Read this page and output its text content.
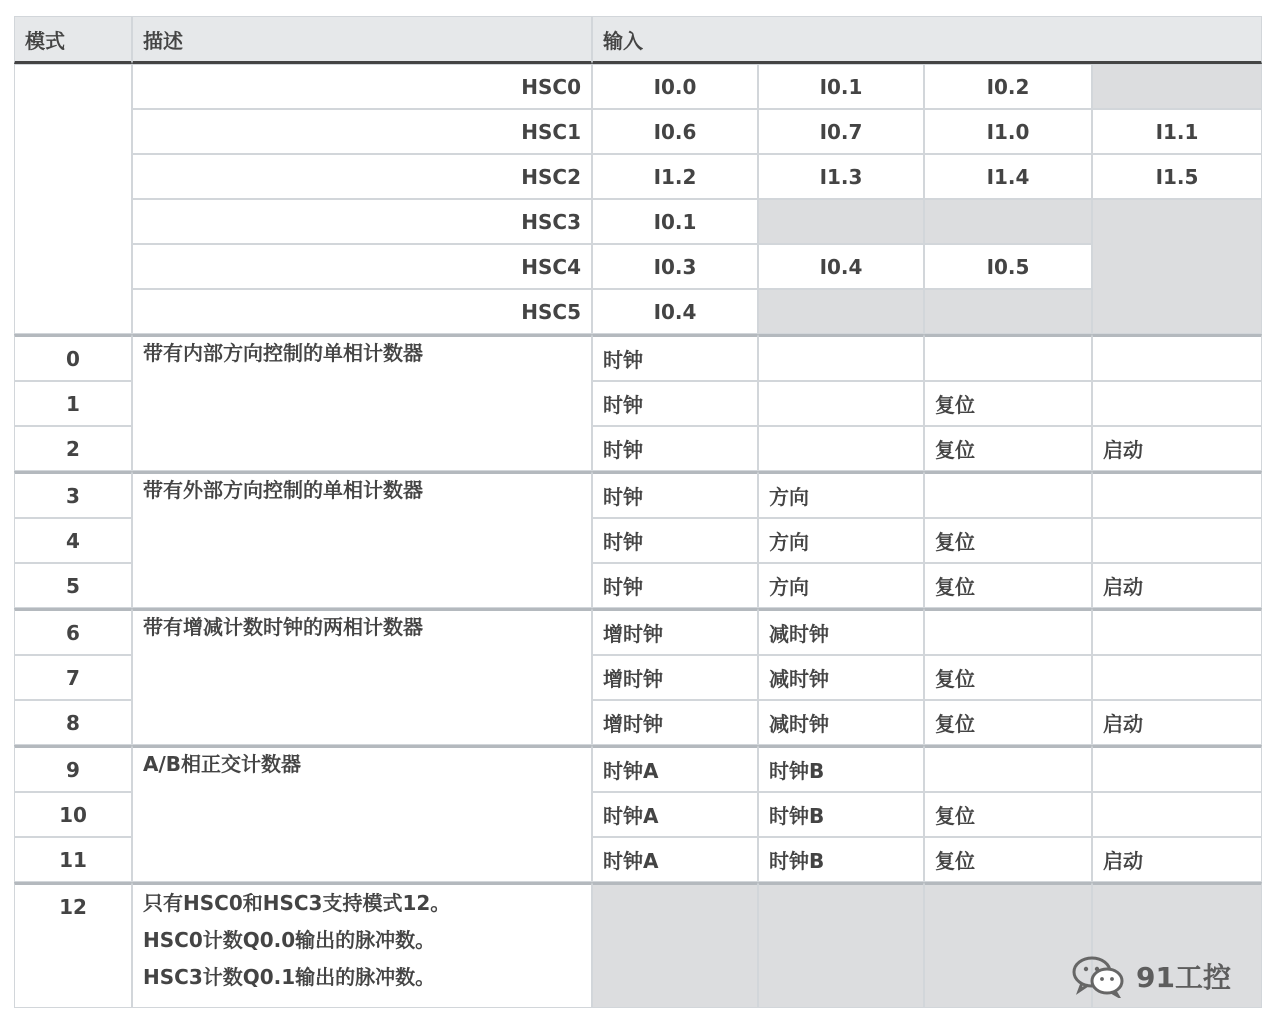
模式	描述	输入			
	HSC0	I0.0	I0.1	I0.2	
	HSC1	I0.6	I0.7	I1.0	I1.1
	HSC2	I1.2	I1.3	I1.4	I1.5
	HSC3	I0.1			
	HSC4	I0.3	I0.4	I0.5	
	HSC5	I0.4			
0	带有内部方向控制的单相计数器	时钟			
1		时钟		复位	
2		时钟		复位	启动
3	带有外部方向控制的单相计数器	时钟	方向		
4		时钟	方向	复位	
5		时钟	方向	复位	启动
6	带有增减计数时钟的两相计数器	增时钟	减时钟		
7		增时钟	减时钟	复位	
8		增时钟	减时钟	复位	启动
9	A/B相正交计数器	时钟A	时钟B		
10		时钟A	时钟B	复位	
11		时钟A	时钟B	复位	启动
12	只有HSC0和HSC3支持模式12。
HSC0计数Q0.0输出的脉冲数。
HSC3计数Q0.1输出的脉冲数。				
					91工控
